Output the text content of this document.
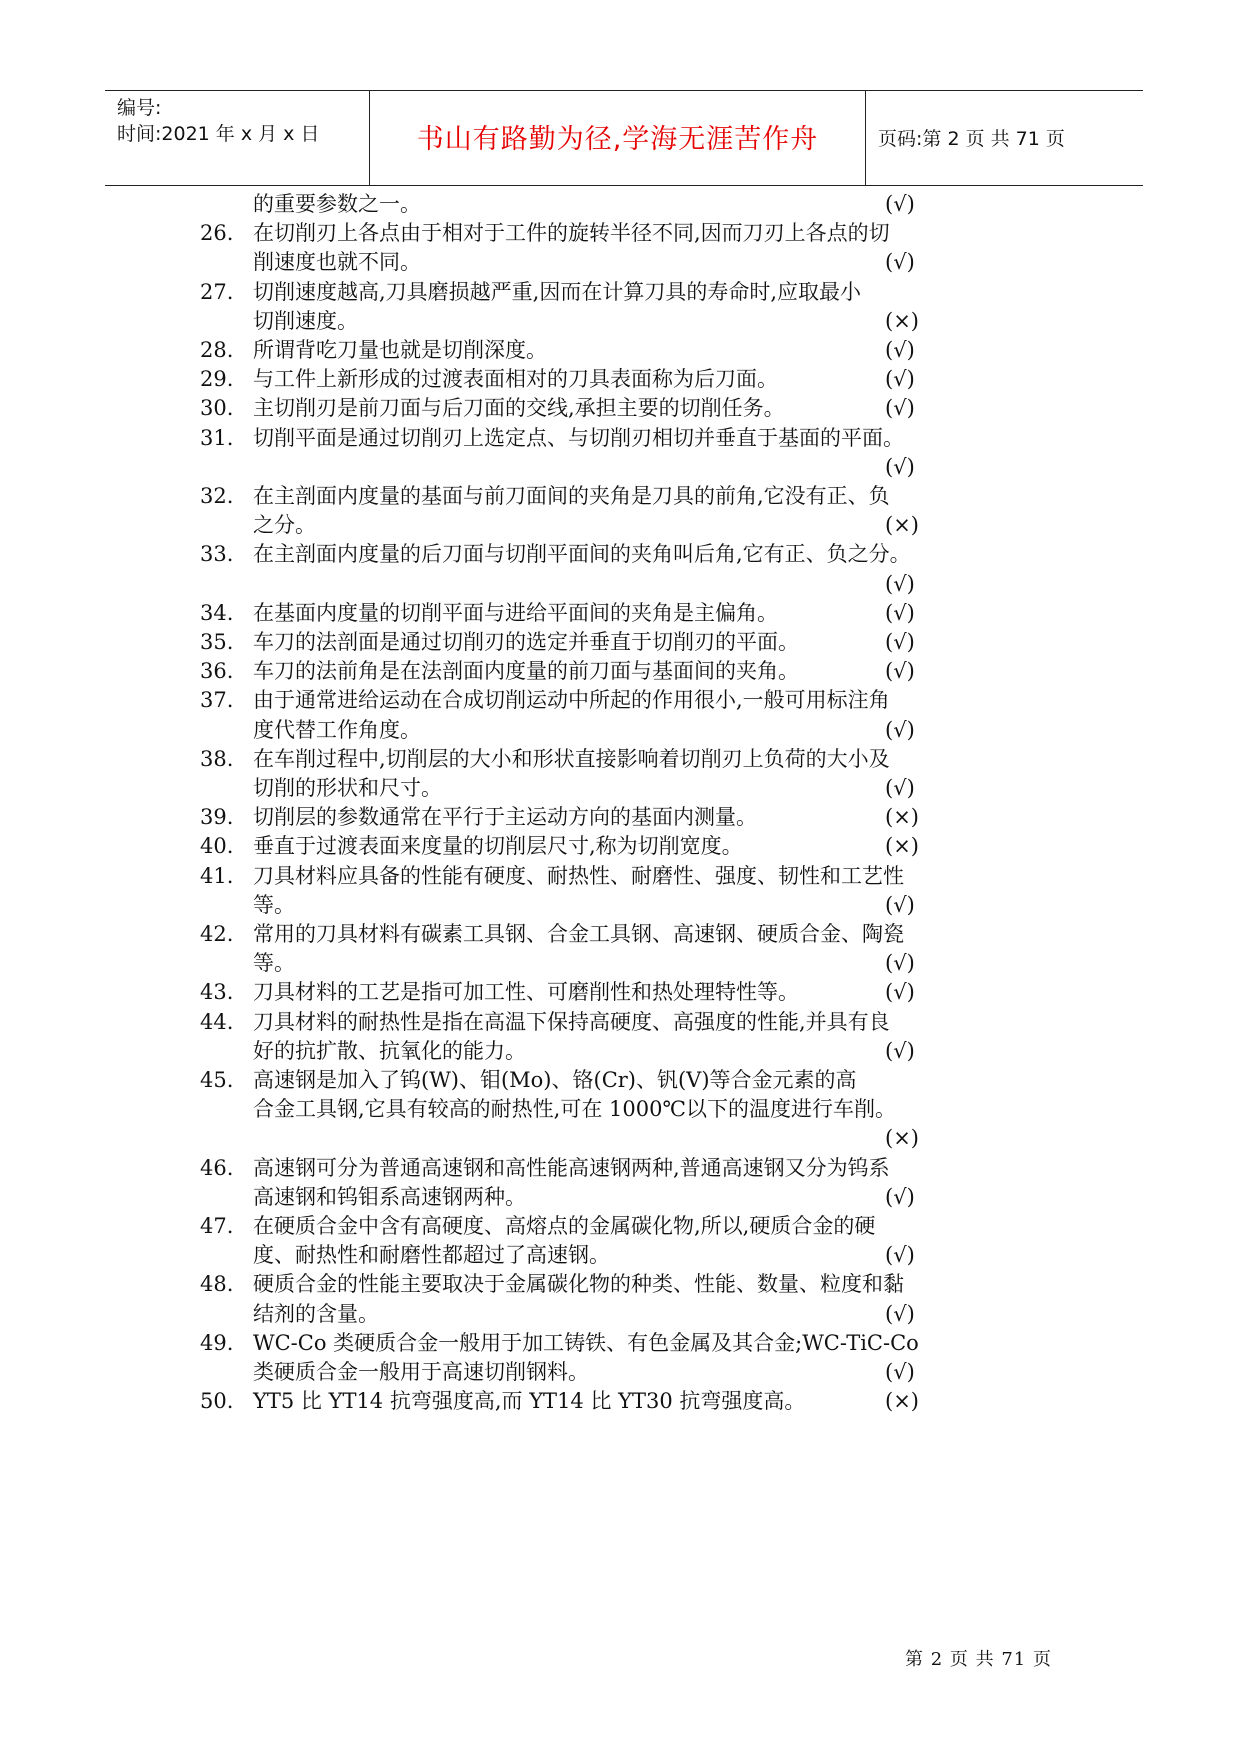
编号:
时间:2021 年 x 月 x 日	书山有路勤为径,学海无涯苦作舟	页码:第 2 页 共 71 页
的重要参数之一。	(√)
26. 在切削刃上各点由于相对于工件的旋转半径不同,因而刀刃上各点的切
削速度也就不同。	(√)
27. 切削速度越高,刀具磨损越严重,因而在计算刀具的寿命时,应取最小
切削速度。	(×)
28. 所谓背吃刀量也就是切削深度。	(√)
29. 与工件上新形成的过渡表面相对的刀具表面称为后刀面。	(√)
30. 主切削刃是前刀面与后刀面的交线,承担主要的切削任务。	(√)
31. 切削平面是通过切削刃上选定点、与切削刃相切并垂直于基面的平面。
(√)
32. 在主剖面内度量的基面与前刀面间的夹角是刀具的前角,它没有正、负
之分。	(×)
33. 在主剖面内度量的后刀面与切削平面间的夹角叫后角,它有正、负之分。
(√)
34. 在基面内度量的切削平面与进给平面间的夹角是主偏角。	(√)
35. 车刀的法剖面是通过切削刃的选定并垂直于切削刃的平面。	(√)
36. 车刀的法前角是在法剖面内度量的前刀面与基面间的夹角。	(√)
37. 由于通常进给运动在合成切削运动中所起的作用很小,一般可用标注角
度代替工作角度。	(√)
38. 在车削过程中,切削层的大小和形状直接影响着切削刃上负荷的大小及
切削的形状和尺寸。	(√)
39. 切削层的参数通常在平行于主运动方向的基面内测量。	(×)
40. 垂直于过渡表面来度量的切削层尺寸,称为切削宽度。	(×)
41. 刀具材料应具备的性能有硬度、耐热性、耐磨性、强度、韧性和工艺性
等。	(√)
42. 常用的刀具材料有碳素工具钢、合金工具钢、高速钢、硬质合金、陶瓷
等。	(√)
43. 刀具材料的工艺是指可加工性、可磨削性和热处理特性等。	(√)
44. 刀具材料的耐热性是指在高温下保持高硬度、高强度的性能,并具有良
好的抗扩散、抗氧化的能力。	(√)
45. 高速钢是加入了钨(W)、钼(Mo)、铬(Cr)、钒(V)等合金元素的高
合金工具钢,它具有较高的耐热性,可在 1000℃以下的温度进行车削。
(×)
46. 高速钢可分为普通高速钢和高性能高速钢两种,普通高速钢又分为钨系
高速钢和钨钼系高速钢两种。	(√)
47. 在硬质合金中含有高硬度、高熔点的金属碳化物,所以,硬质合金的硬
度、耐热性和耐磨性都超过了高速钢。	(√)
48. 硬质合金的性能主要取决于金属碳化物的种类、性能、数量、粒度和黏
结剂的含量。	(√)
49. WC-Co 类硬质合金一般用于加工铸铁、有色金属及其合金;WC-TiC-Co
类硬质合金一般用于高速切削钢料。	(√)
50. YT5 比 YT14 抗弯强度高,而 YT14 比 YT30 抗弯强度高。	(×)
第 2 页 共 71 页
